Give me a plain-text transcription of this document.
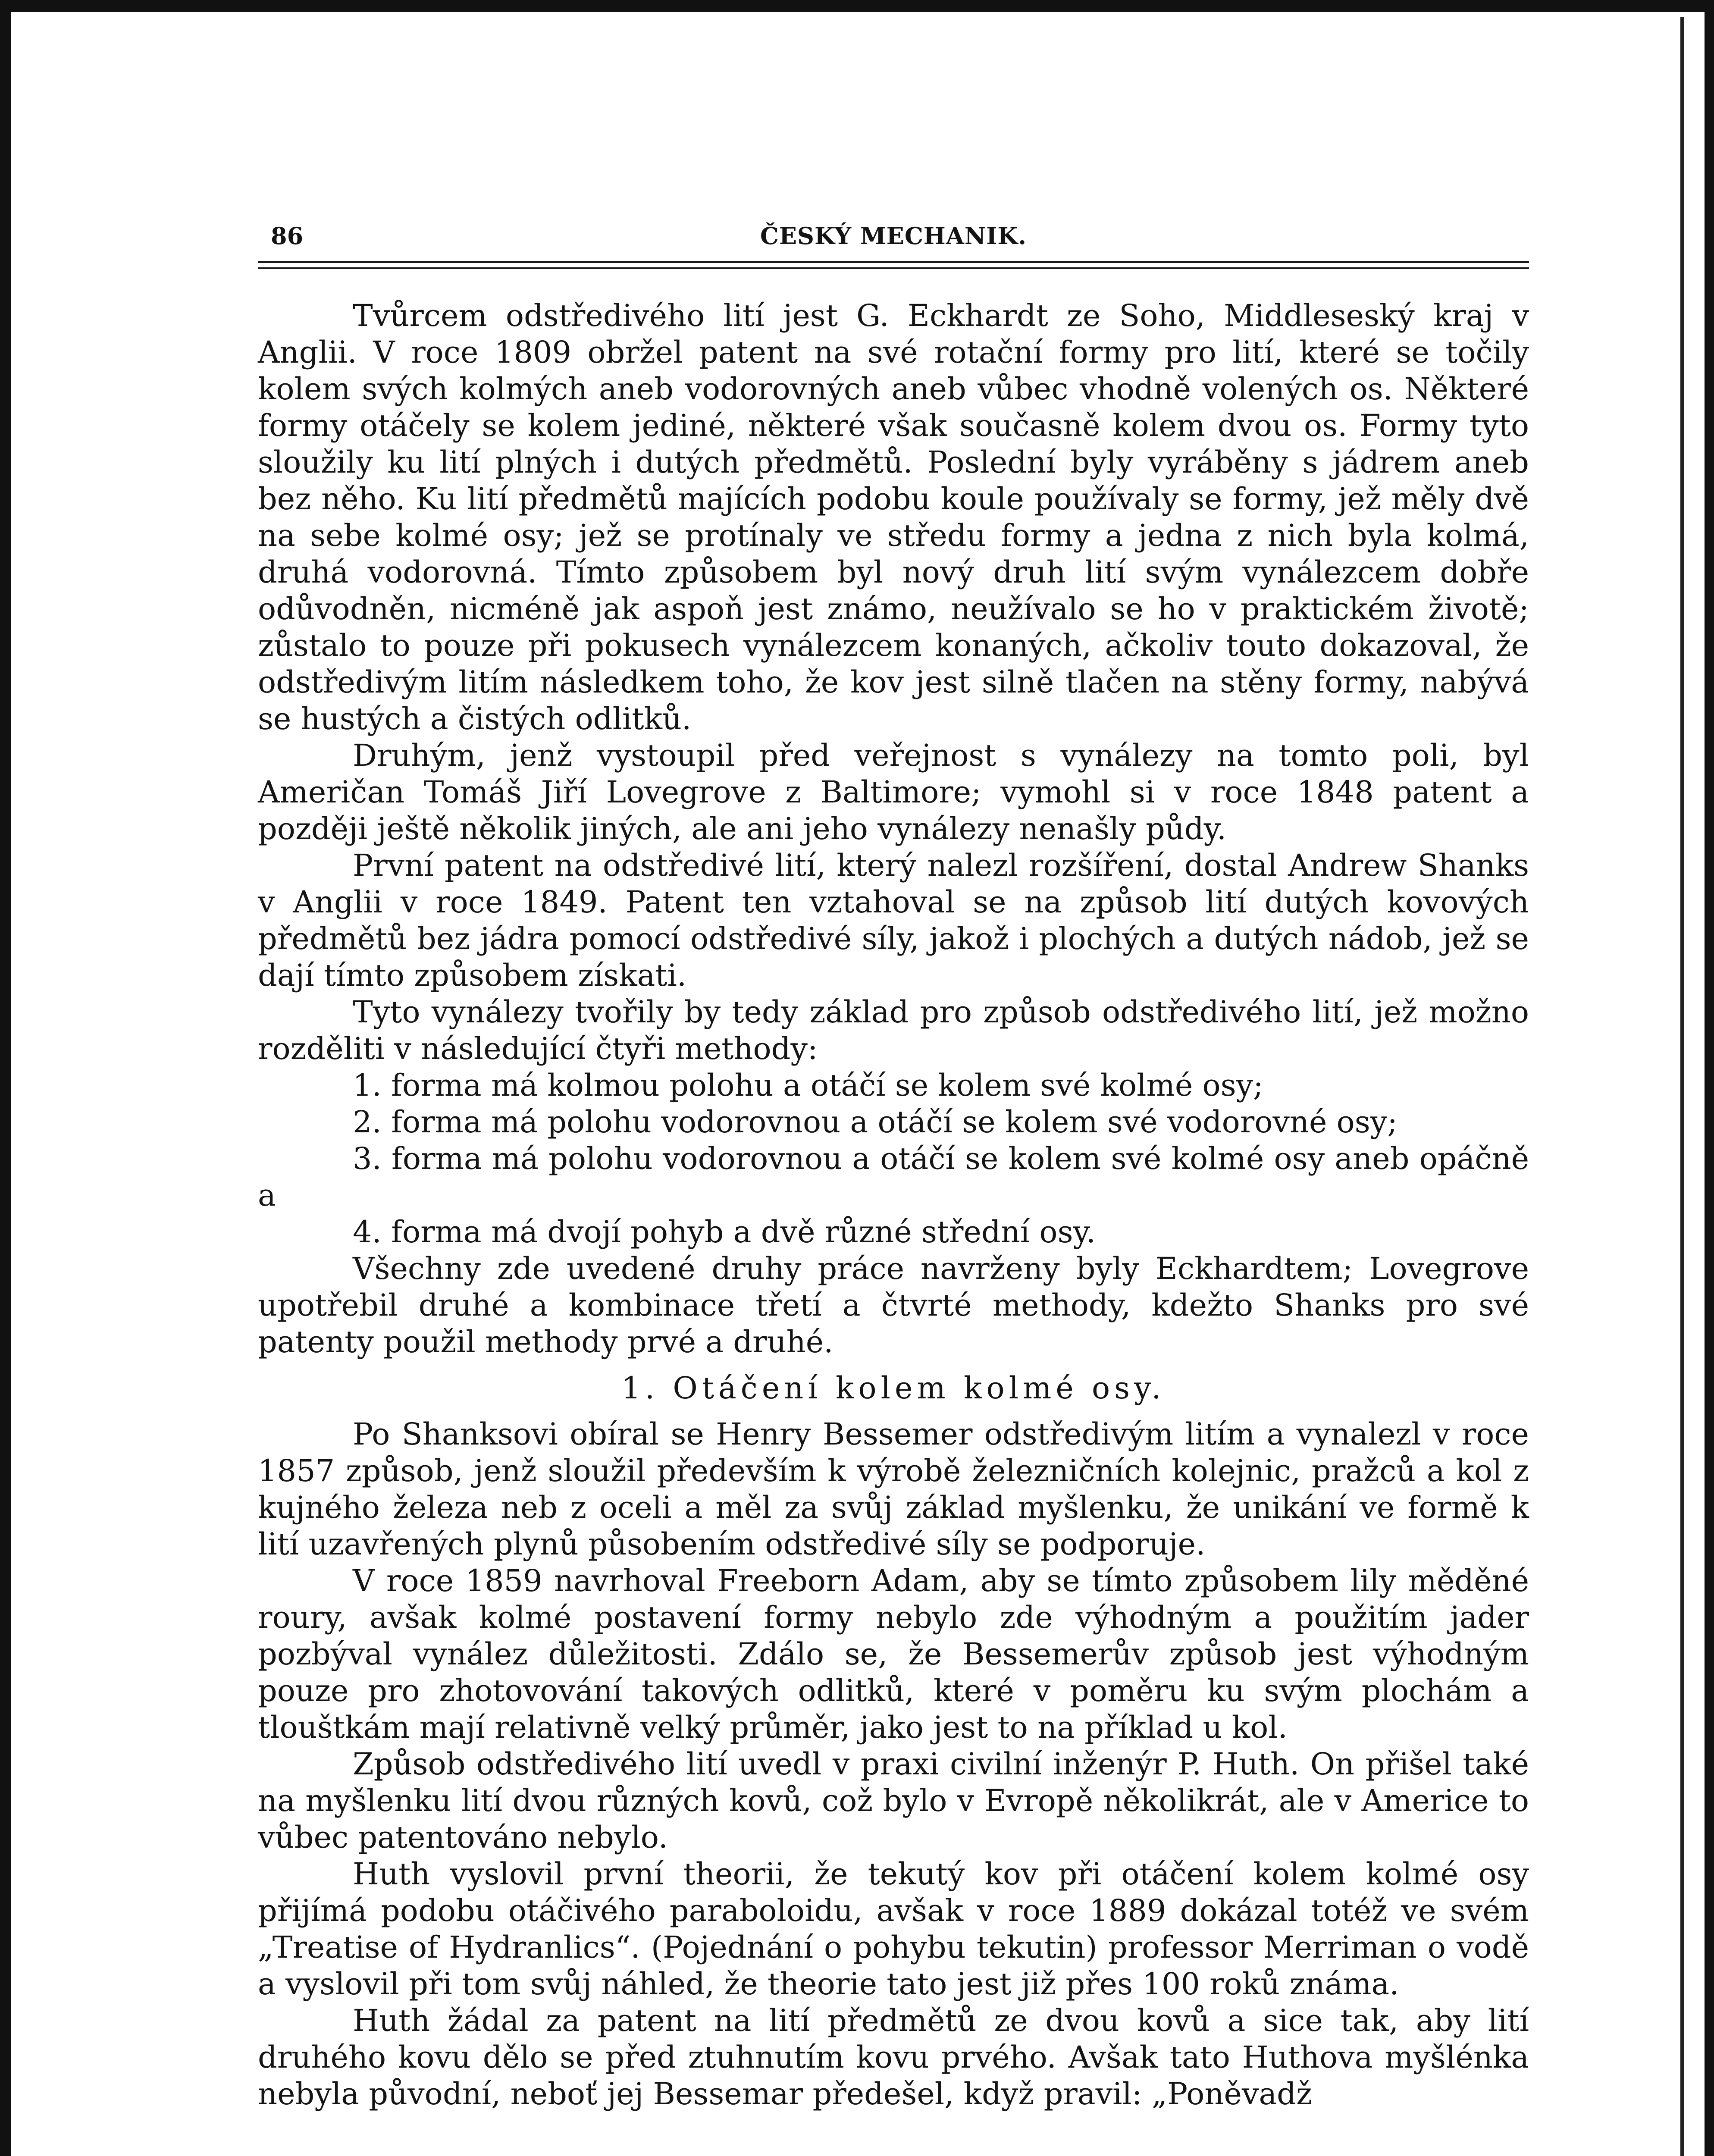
86	ČESKÝ MECHANIK.

Tvůrcem odstředivého lití jest G. Eckhardt ze Soho, Middleseský kraj v Anglii. V roce 1809 obržel patent na své rotační formy pro lití, které se točily kolem svých kolmých aneb vodorovných aneb vůbec vhodně volených os. Některé formy otáčely se kolem jediné, některé však současně kolem dvou os. Formy tyto sloužily ku lití plných i dutých předmětů. Poslední byly vyráběny s jádrem aneb bez něho. Ku lití předmětů majících podobu koule používaly se formy, jež měly dvě na sebe kolmé osy; jež se protínaly ve středu formy a jedna z nich byla kolmá, druhá vodorovná. Tímto způsobem byl nový druh lití svým vynálezcem dobře odůvodněn, nicméně jak aspoň jest známo, neužívalo se ho v praktickém životě; zůstalo to pouze při pokusech vynálezcem konaných, ačkoliv touto dokazoval, že odstředivým litím následkem toho, že kov jest silně tlačen na stěny formy, nabývá se hustých a čistých odlitků.

Druhým, jenž vystoupil před veřejnost s vynálezy na tomto poli, byl Američan Tomáš Jiří Lovegrove z Baltimore; vymohl si v roce 1848 patent a později ještě několik jiných, ale ani jeho vynálezy nenašly půdy.

První patent na odstředivé lití, který nalezl rozšíření, dostal Andrew Shanks v Anglii v roce 1849. Patent ten vztahoval se na způsob lití dutých kovových předmětů bez jádra pomocí odstředivé síly, jakož i plochých a dutých nádob, jež se dají tímto způsobem získati.

Tyto vynálezy tvořily by tedy základ pro způsob odstředivého lití, jež možno rozděliti v následující čtyři methody:

1. forma má kolmou polohu a otáčí se kolem své kolmé osy;

2. forma má polohu vodorovnou a otáčí se kolem své vodorovné osy;

3. forma má polohu vodorovnou a otáčí se kolem své kolmé osy aneb opáčně a

4. forma má dvojí pohyb a dvě různé střední osy.

Všechny zde uvedené druhy práce navrženy byly Eckhardtem; Lovegrove upotřebil druhé a kombinace třetí a čtvrté methody, kdežto Shanks pro své patenty použil methody prvé a druhé.

1. Otáčení kolem kolmé osy.

Po Shanksovi obíral se Henry Bessemer odstředivým litím a vynalezl v roce 1857 způsob, jenž sloužil především k výrobě železničních kolejnic, pražců a kol z kujného železa neb z oceli a měl za svůj základ myšlenku, že unikání ve formě k lití uzavřených plynů působením odstředivé síly se podporuje.

V roce 1859 navrhoval Freeborn Adam, aby se tímto způsobem lily měděné roury, avšak kolmé postavení formy nebylo zde výhodným a použitím jader pozbýval vynález důležitosti. Zdálo se, že Bessemerův způsob jest výhodným pouze pro zhotovování takových odlitků, které v poměru ku svým plochám a tlouštkám mají relativně velký průměr, jako jest to na příklad u kol.

Způsob odstředivého lití uvedl v praxi civilní inženýr P. Huth. On přišel také na myšlenku lití dvou různých kovů, což bylo v Evropě několikrát, ale v Americe to vůbec patentováno nebylo.

Huth vyslovil první theorii, že tekutý kov při otáčení kolem kolmé osy přijímá podobu otáčivého paraboloidu, avšak v roce 1889 dokázal totéž ve svém „Treatise of Hydranlics“. (Pojednání o pohybu tekutin) professor Merriman o vodě a vyslovil při tom svůj náhled, že theorie tato jest již přes 100 roků známa.

Huth žádal za patent na lití předmětů ze dvou kovů a sice tak, aby lití druhého kovu dělo se před ztuhnutím kovu prvého. Avšak tato Huthova myšlénka nebyla původní, neboť jej Bessemar předešel, když pravil: „Poněvadž
